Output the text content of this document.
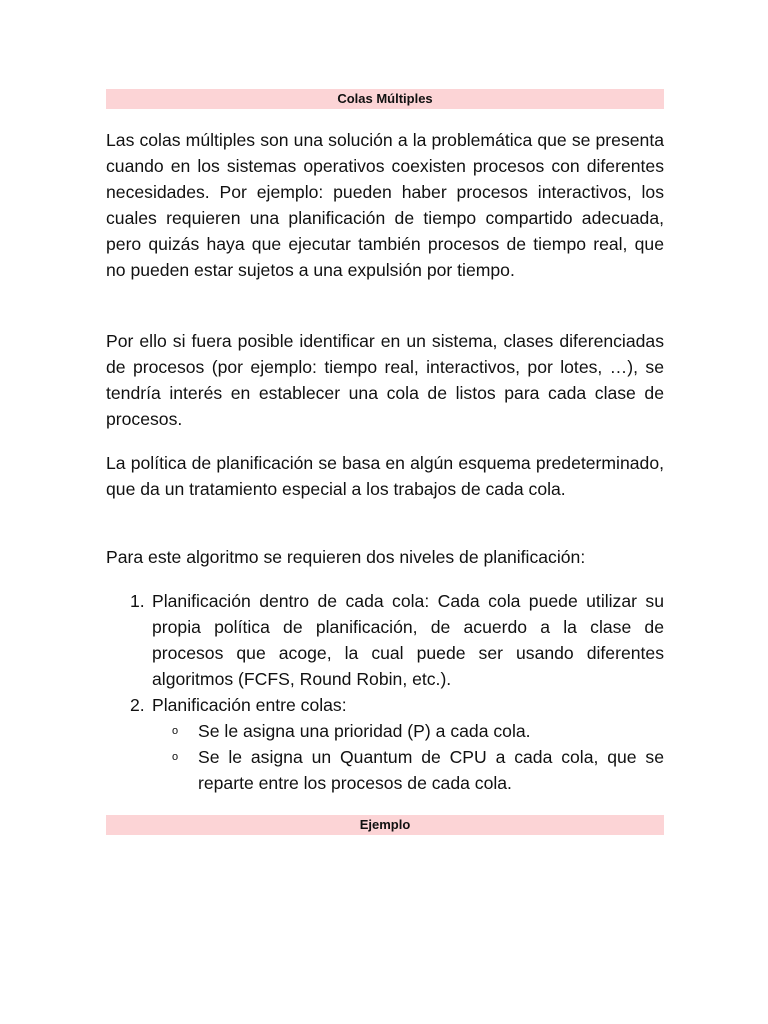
Colas Múltiples

Las colas múltiples son una solución a la problemática que se presenta cuando en los sistemas operativos coexisten procesos con diferentes necesidades. Por ejemplo: pueden haber procesos interactivos, los cuales requieren una planificación de tiempo compartido adecuada, pero quizás haya que ejecutar también procesos de tiempo real, que no pueden estar sujetos a una expulsión por tiempo.

Por ello si fuera posible identificar en un sistema, clases diferenciadas de procesos (por ejemplo: tiempo real, interactivos, por lotes, …), se tendría interés en establecer una cola de listos para cada clase de procesos.

La política de planificación se basa en algún esquema predeterminado, que da un tratamiento especial a los trabajos de cada cola.

Para este algoritmo se requieren dos niveles de planificación:

1. Planificación dentro de cada cola: Cada cola puede utilizar su propia política de planificación, de acuerdo a la clase de procesos que acoge, la cual puede ser usando diferentes algoritmos (FCFS, Round Robin, etc.).
2. Planificación entre colas:
o Se le asigna una prioridad (P) a cada cola.
o Se le asigna un Quantum de CPU a cada cola, que se reparte entre los procesos de cada cola.
Ejemplo
